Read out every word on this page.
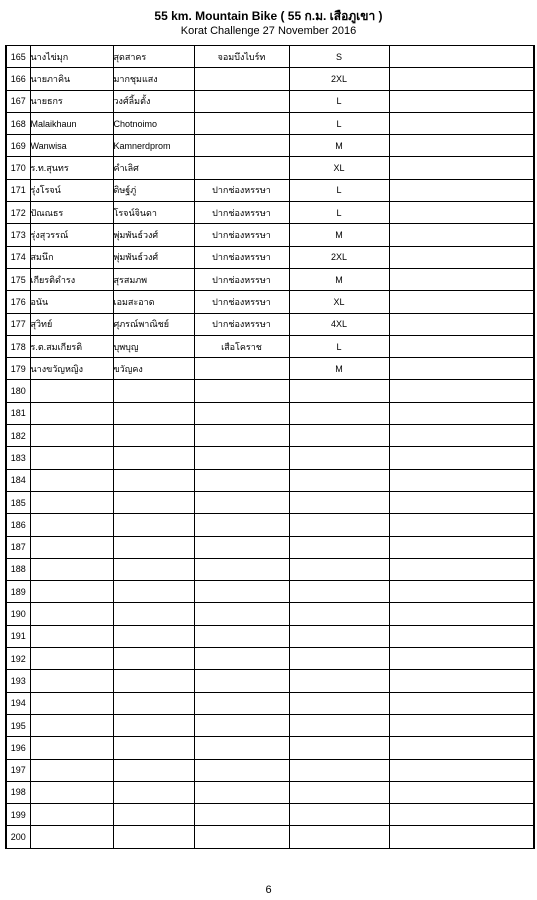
55 km. Mountain Bike ( 55 ก.ม. เสือภูเขา )
Korat Challenge 27 November 2016
165	นางไข่มุก	สุดสาคร	จอมบึงไบร์ท	S	
166	นายภาคิน	มากชุมแสง		2XL	
167	นายธกร	วงศ์ลิ้มตั้ง		L	
168	Malaikhaun	Chotnoimo		L	
169	Wanwisa	Kamnerdprom		M	
170	ร.ท.สุนทร	คำเลิศ		XL	
171	รุ่งโรจน์	ดิษฐ์ภู่	ปากช่องหรรษา	L	
172	ปัณณธร	โรจน์จินดา	ปากช่องหรรษา	L	
173	รุ่งสุวรรณ์	พุ่มพันธ์วงศ์	ปากช่องหรรษา	M	
174	สมนึก	พุ่มพันธ์วงศ์	ปากช่องหรรษา	2XL	
175	เกียรติดำรง	สุรสมภพ	ปากช่องหรรษา	M	
176	อนัน	เอมสะอาด	ปากช่องหรรษา	XL	
177	สุวิทย์	ศุภรณ์พาณิชย์	ปากช่องหรรษา	4XL	
178	ร.ต.สมเกียรติ	บุพบุญ	เสือโคราช	L	
179	นางขวัญหญิง	ขวัญคง		M	
180					
181					
182					
183					
184					
185					
186					
187					
188					
189					
190					
191					
192					
193					
194					
195					
196					
197					
198					
199					
200					
6
